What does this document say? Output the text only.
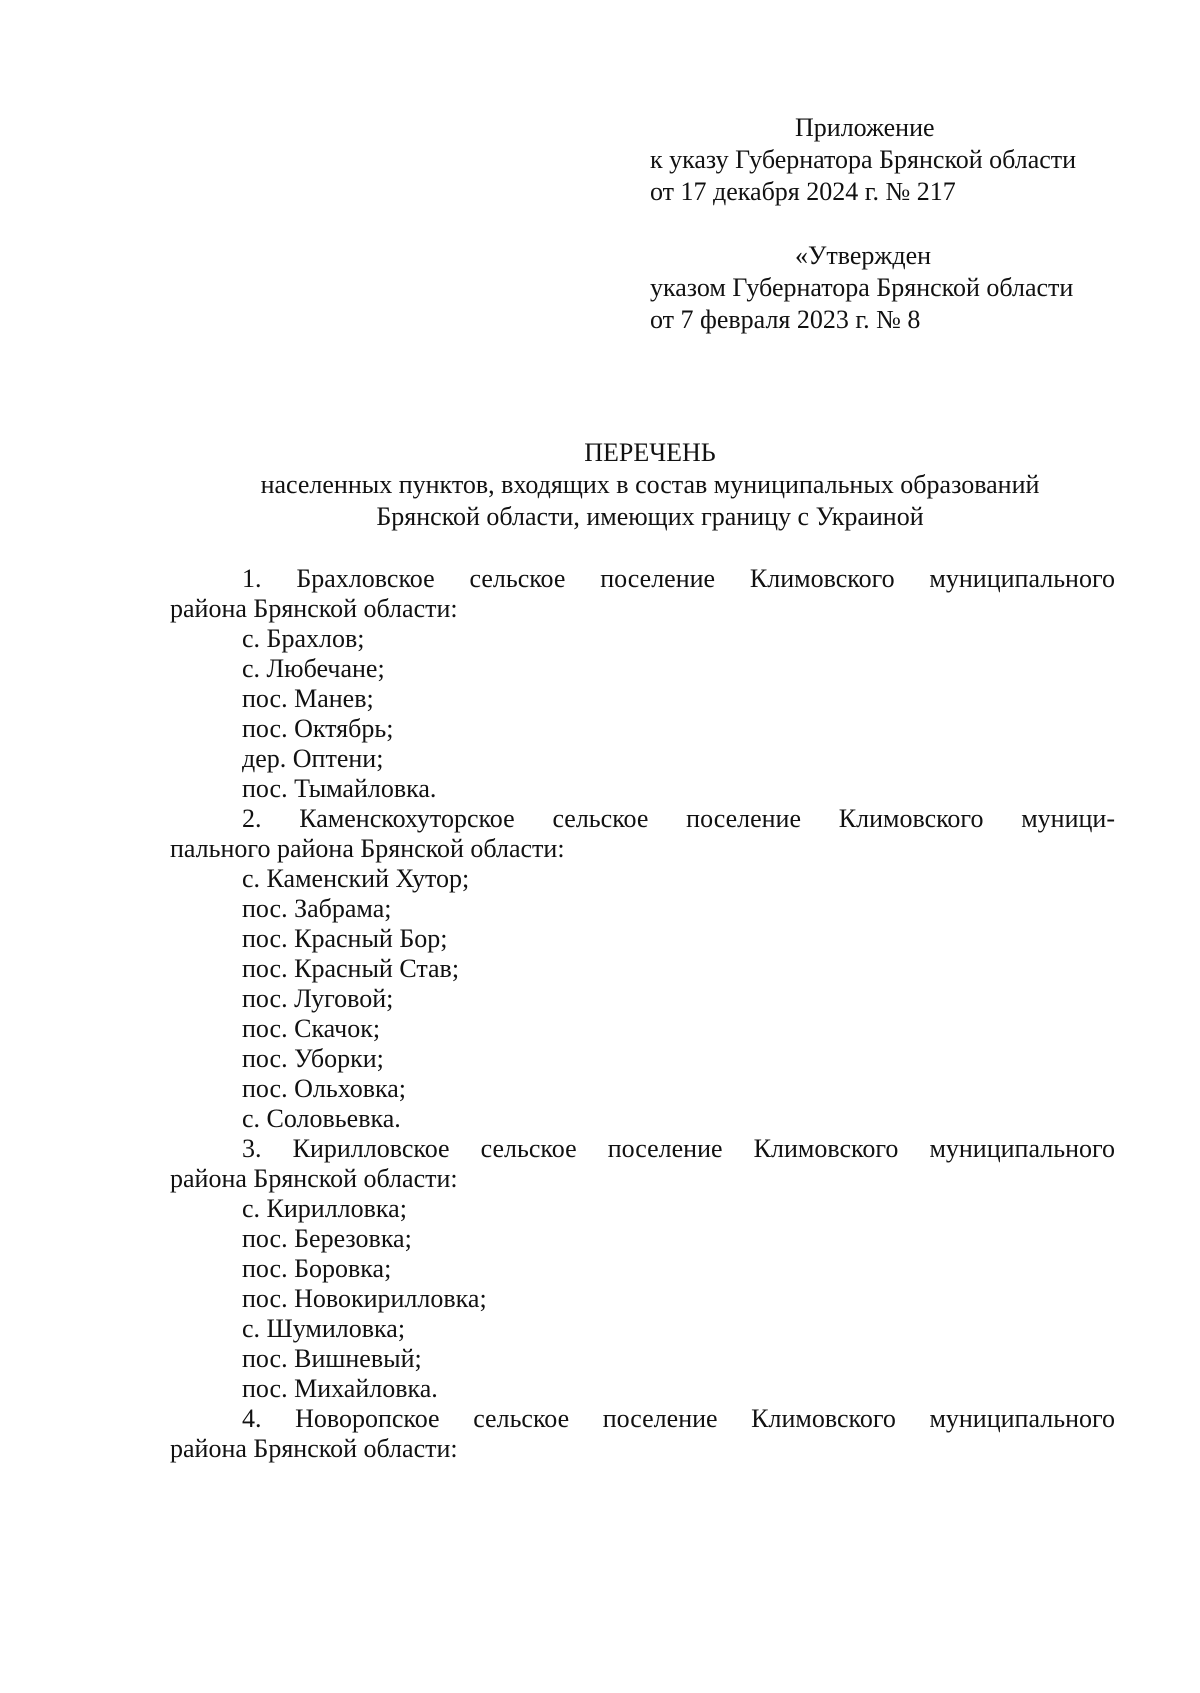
Приложение
к указу Губернатора Брянской области
от 17 декабря 2024 г. № 217
«Утвержден
указом Губернатора Брянской области
от 7 февраля 2023 г. № 8
ПЕРЕЧЕНЬ
населенных пунктов, входящих в состав муниципальных образований
Брянской области, имеющих границу с Украиной
1. Брахловское сельское поселение Климовского муниципального
района Брянской области:
с. Брахлов;
с. Любечане;
пос. Манев;
пос. Октябрь;
дер. Оптени;
пос. Тымайловка.
2. Каменскохуторское сельское поселение Климовского муници-
пального района Брянской области:
с. Каменский Хутор;
пос. Забрама;
пос. Красный Бор;
пос. Красный Став;
пос. Луговой;
пос. Скачок;
пос. Уборки;
пос. Ольховка;
с. Соловьевка.
3. Кирилловское сельское поселение Климовского муниципального
района Брянской области:
с. Кирилловка;
пос. Березовка;
пос. Боровка;
пос. Новокирилловка;
с. Шумиловка;
пос. Вишневый;
пос. Михайловка.
4. Новоропское сельское поселение Климовского муниципального
района Брянской области:
